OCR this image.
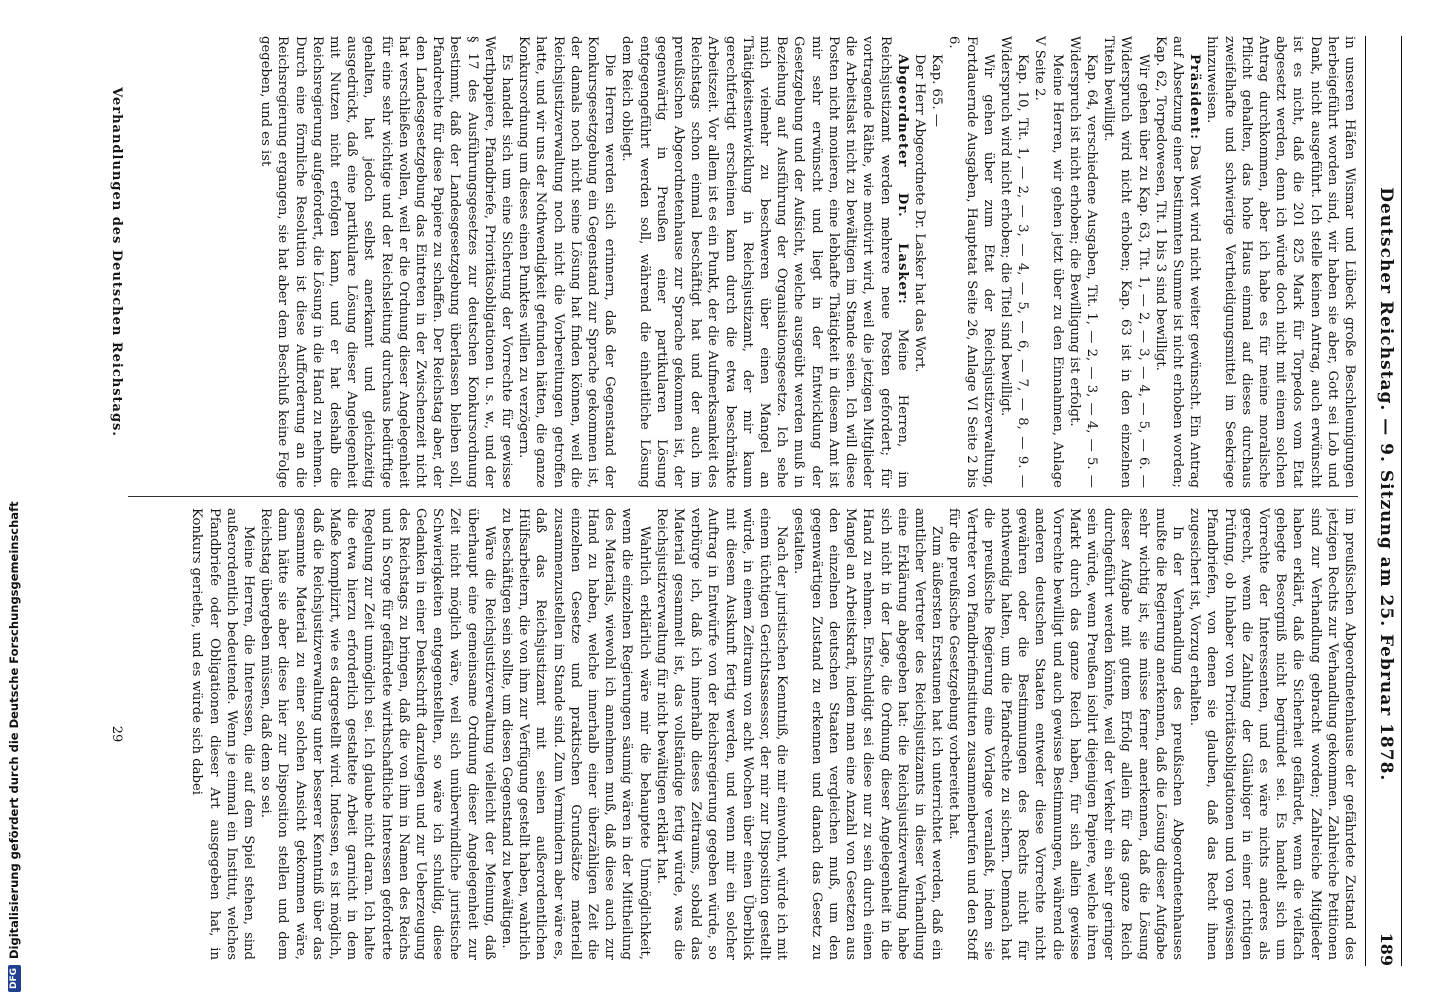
Deutscher Reichstag. — 9. Sitzung am 25. Februar 1878.
189

in unseren Häfen Wismar und Lübeck große Beschleunigungen herbeigeführt worden sind, wir haben sie aber, Gott sei Lob und Dank, nicht ausgeführt. Ich stelle keinen Antrag, auch erwünscht ist es nicht, daß die 201 825 Mark für Torpedos vom Etat abgesetzt werden, denn ich würde doch nicht mit einem solchen Antrag durchkommen, aber ich habe es für meine moralische Pflicht gehalten, das hohe Haus einmal auf dieses durchaus zweifelhafte und schwierige Vertheidigungsmittel im Seekriege hinzuweisen.

Präsident: Das Wort wird nicht weiter gewünscht. Ein Antrag auf Absetzung einer bestimmten Summe ist nicht erhoben worden; Kap. 62, Torpedowesen, Tit. 1 bis 3 sind bewilligt.

Wir gehen über zu Kap. 63, Tit. 1, — 2, — 3, — 4, — 5, — 6. — Widerspruch wird nicht erhoben; Kap. 63 ist in den einzelnen Titeln bewilligt.

Kap. 64, verschiedene Ausgaben, Tit. 1, — 2, — 3, — 4, — 5. — Widerspruch ist nicht erhoben; die Bewilligung ist erfolgt.

Meine Herren, wir gehen jetzt über zu den Einnahmen, Anlage V Seite 2.

Kap. 10, Tit. 1, — 2, — 3, — 4, — 5, — 6, — 7, — 8, — 9. — Widerspruch wird nicht erhoben; die Titel sind bewilligt.

Wir gehen über zum Etat der Reichsjustizverwaltung, Fortdauernde Ausgaben, Hauptetat Seite 26, Anlage VI Seite 2 bis 6.

Kap. 65. —

Der Herr Abgeordnete Dr. Lasker hat das Wort.

Abgeordneter Dr. Lasker: Meine Herren, im Reichsjustizamt werden mehrere neue Posten gefordert; für vortragende Räthe, wie motivirt wird, weil die jetzigen Mitglieder die Arbeitslast nicht zu bewältigen im Stande seien. Ich will diese Posten nicht monieren, eine lebhafte Thätigkeit in diesem Amt ist mir sehr erwünscht und liegt in der Entwicklung der Gesetzgebung und der Aufsicht, welche ausgeübt werden muß in Beziehung auf Ausführung der Organisationsgesetze. Ich sehe mich vielmehr zu beschweren über einen Mangel an Thätigkeitsentwicklung in Reichsjustizamt, der mir kaum gerechtfertigt erscheinen kann durch die etwa beschränkte Arbeitszeit. Vor allem ist es ein Punkt, der die Aufmerksamkeit des Reichstags schon einmal beschäftigt hat und der auch im preußischen Abgeordnetenhause zur Sprache gekommen ist, der gegenwärtig in Preußen einer partikularen Lösung entgegengeführt werden soll, während die einheitliche Lösung dem Reich obliegt.

Die Herren werden sich erinnern, daß der Gegenstand der Konkursgesetzgebung ein Gegenstand zur Sprache gekommen ist, der damals noch nicht seine Lösung hat finden können, weil die Reichsjustizverwaltung noch nicht die Vorbereitungen getroffen hatte, und wir uns der Nothwendigkeit gefunden hätten, die ganze Konkursordnung um dieses einen Punktes willen zu verzögern.

Es handelt sich um eine Sicherung der Vorrechte für gewisse Werthpapiere, Pfandbriefe, Prioritätsobligationen u. s. w., und der § 17 des Ausführungsgesetzes zur deutschen Konkursordnung bestimmt, daß der Landesgesetzgebung überlassen bleiben soll, Pfandrechte für diese Papiere zu schaffen. Der Reichstag aber, der den Landesgesetzgebung das Eintreten in der Zwischenzeit nicht hat verschließen wollen, weil er die Ordnung dieser Angelegenheit für eine sehr wichtige und der Reichsleitung durchaus bedürftige gehalten, hat jedoch selbst anerkannt und gleichzeitig ausgedrückt, daß eine partikulare Lösung dieser Angelegenheit mit Nutzen nicht erfolgen kann, und er hat deshalb die Reichsregierung aufgefordert, die Lösung in die Hand zu nehmen. Durch eine förmliche Resolution ist diese Aufforderung an die Reichsregierung ergangen, sie hat aber dem Beschluß keine Folge gegeben, und es ist

im preußischen Abgeordnetenhause der gefährdete Zustand des jetzigen Rechts zur Verhandlung gekommen. Zahlreiche Petitionen sind zur Verhandlung gebracht worden; Zahlreiche Mitglieder haben erklärt, daß die Sicherheit gefährdet, wenn die vielfach gehegte Besorgniß nicht begründet sei. Es handelt sich um Vorrechte der Interessenten, und es wäre nichts anderes als gerecht, wenn die Zahlung der Gläubiger in einer richtigen Prüfung, ob Inhaber von Prioritätsobligationen und von gewissen Pfandbriefen, von denen sie glauben, daß das Recht ihnen zugesichert ist, Vorzug erhalten.

In der Verhandlung des preußischen Abgeordnetenhauses mußte die Regierung anerkennen, daß die Lösung dieser Aufgabe sehr wichtig ist, sie müsse ferner anerkennen, daß die Lösung dieser Aufgabe mit gutem Erfolg allein für das ganze Reich durchgeführt werden könnte, weil der Verkehr ein sehr geringer sein würde, wenn Preußen isolirt diejenigen Papiere, welche ihren Markt durch das ganze Reich haben, für sich allein gewisse Vorrechte bewilligt und auch gewisse Bestimmungen, während die anderen deutschen Staaten entweder diese Vorrechte nicht gewähren oder die Bestimmungen des Rechts nicht für nothwendig halten, um die Pfandrechte zu sichern. Demnach hat die preußische Regierung eine Vorlage veranlaßt, indem sie Vertreter von Pfandbriefinstituten zusammenberufen und den Stoff für die preußische Gesetzgebung vorbereitet hat.

Zum äußersten Erstaunen hat ich unterrichtet werden, daß ein amtlicher Vertreter des Reichsjustizamts in dieser Verhandlung eine Erklärung abgegeben hat: die Reichsjustizverwaltung habe sich nicht in der Lage, die Ordnung dieser Angelegenheit in die Hand zu nehmen. Entschuldigt sei diese nur zu sein durch einen Mangel an Arbeitskraft, indem man eine Anzahl von Gesetzen aus den einzelnen deutschen Staaten vergleichen muß, um den gegenwärtigen Zustand zu erkennen und danach das Gesetz zu gestalten.

Nach der juristischen Kenntniß, die mir einwohnt, würde ich mit einem tüchtigen Gerichtsassessor, der mir zur Disposition gestellt würde, in einem Zeitraum von acht Wochen über einen Überblick mit diesem Auskunft fertig werden, und wenn mir ein solcher Auftrag in Entwürfe von der Reichsregierung gegeben würde, so verbürge ich, daß ich innerhalb dieses Zeitraums, sobald das Material gesammelt ist, das vollständige fertig würde, was die Reichsjustizverwaltung für nicht bewältigen erklärt hat.

Wahrlich erklärlich wäre mir die behauptete Unmöglichkeit, wenn die einzelnen Regierungen säumig wären in der Mittheilung des Materials, wiewohl ich annehmen muß, daß diese auch zur Hand zu haben, welche innerhalb einer überzähligen Zeit die einzelnen Gesetze und praktischen Grundsätze materiell zusammenzustellen im Stande sind. Zum Vermindern aber wäre es, daß das Reichsjustizamt mit seinen außerordentlichen Hülfsarbeitern, die von ihm zur Verfügung gestellt haben, wahrlich zu beschäftigen sein sollte, um diesen Gegenstand zu bewältigen.

Wäre die Reichsjustizverwaltung vielleicht der Meinung, daß überhaupt eine gemeinsame Ordnung dieser Angelegenheit zur Zeit nicht möglich wäre, weil sich unüberwindliche juristische Schwierigkeiten entgegenstellten, so wäre ich schuldig, diese Gedanken in einer Denkschrift darzulegen und zur Ueberzeugung des Reichstags zu bringen, daß die von ihm in Namen des Reichs und in Sorge für gefährdete wirthschaftliche Interessen geforderte Regelung zur Zeit unmöglich sei. Ich glaube nicht daran. Ich halte die etwa hierzu erforderlich gestaltete Arbeit garnicht in dem Maße komplizirt, wie es dargestellt wird. Indessen, es ist möglich, daß die Reichsjustizverwaltung unter besserer Kenntniß über das gesammte Material zu einer solchen Ansicht gekommen wäre, dann hätte sie aber diese hier zur Disposition stellen und dem Reichstag übergeben müssen, daß dem so sei.

Meine Herren, die Interessen, die auf dem Spiel stehen, sind außerordentlich bedeutende. Wenn je einmal ein Institut, welches Pfandbriefe oder Obligationen dieser Art ausgegeben hat, in Konkurs geriethe, und es würde sich dabei

Verhandlungen des Deutschen Reichstags.
29
DFG
Digitalisierung gefördert durch die Deutsche Forschungsgemeinschaft
